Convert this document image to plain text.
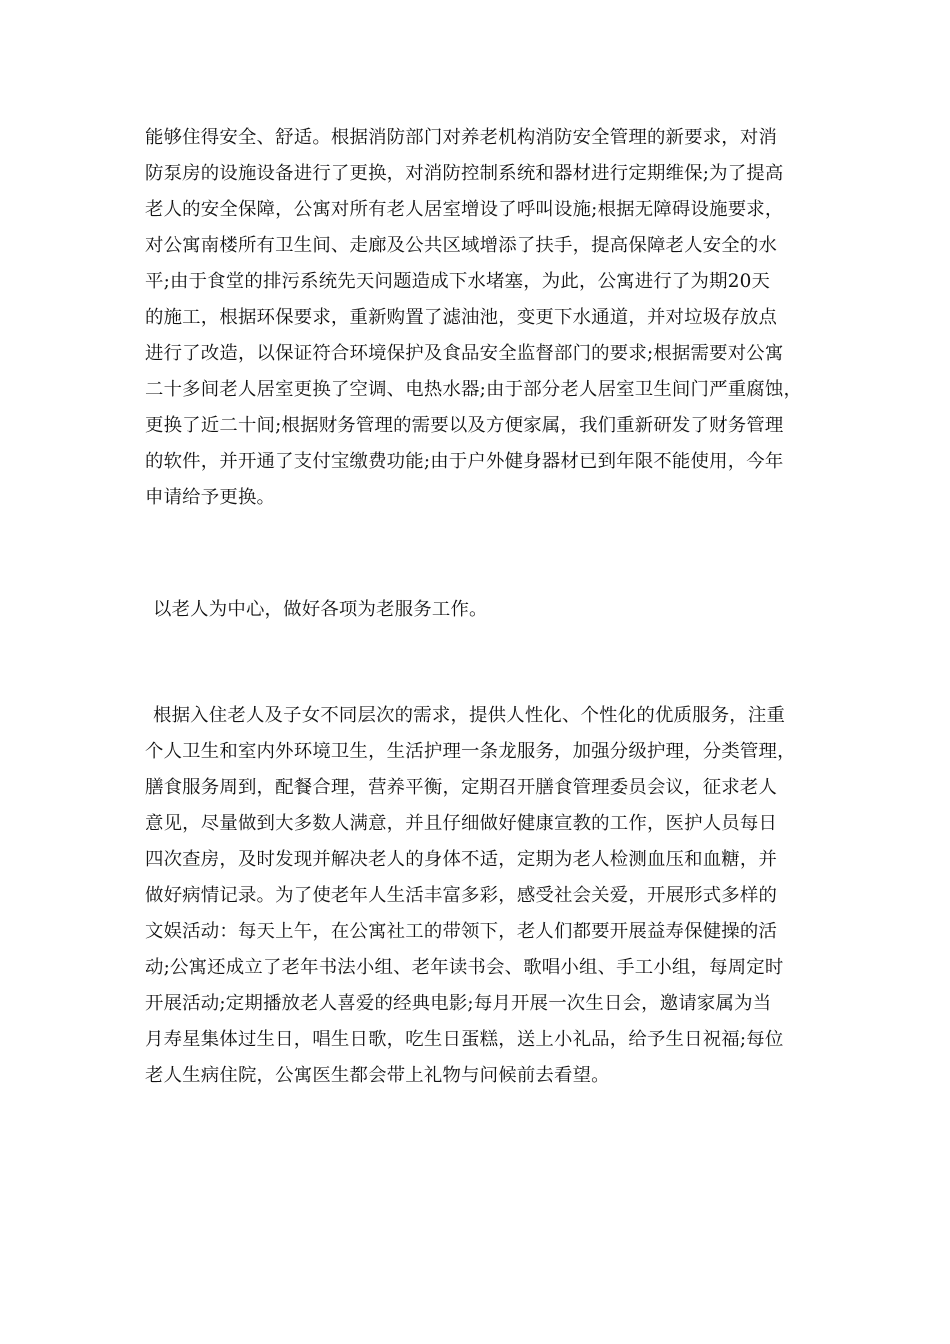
能够住得安全、舒适。根据消防部门对养老机构消防安全管理的新要求，对消
防泵房的设施设备进行了更换，对消防控制系统和器材进行定期维保;为了提高
老人的安全保障，公寓对所有老人居室增设了呼叫设施;根据无障碍设施要求，
对公寓南楼所有卫生间、走廊及公共区域增添了扶手，提高保障老人安全的水
平;由于食堂的排污系统先天问题造成下水堵塞，为此，公寓进行了为期20天
的施工，根据环保要求，重新购置了滤油池，变更下水通道，并对垃圾存放点
进行了改造，以保证符合环境保护及食品安全监督部门的要求;根据需要对公寓
二十多间老人居室更换了空调、电热水器;由于部分老人居室卫生间门严重腐蚀，
更换了近二十间;根据财务管理的需要以及方便家属，我们重新研发了财务管理
的软件，并开通了支付宝缴费功能;由于户外健身器材已到年限不能使用，今年
申请给予更换。
以老人为中心，做好各项为老服务工作。
根据入住老人及子女不同层次的需求，提供人性化、个性化的优质服务，注重
个人卫生和室内外环境卫生，生活护理一条龙服务，加强分级护理，分类管理，
膳食服务周到，配餐合理，营养平衡，定期召开膳食管理委员会议，征求老人
意见，尽量做到大多数人满意，并且仔细做好健康宣教的工作，医护人员每日
四次查房，及时发现并解决老人的身体不适，定期为老人检测血压和血糖，并
做好病情记录。为了使老年人生活丰富多彩，感受社会关爱，开展形式多样的
文娱活动：每天上午，在公寓社工的带领下，老人们都要开展益寿保健操的活
动;公寓还成立了老年书法小组、老年读书会、歌唱小组、手工小组，每周定时
开展活动;定期播放老人喜爱的经典电影;每月开展一次生日会，邀请家属为当
月寿星集体过生日，唱生日歌，吃生日蛋糕，送上小礼品，给予生日祝福;每位
老人生病住院，公寓医生都会带上礼物与问候前去看望。
